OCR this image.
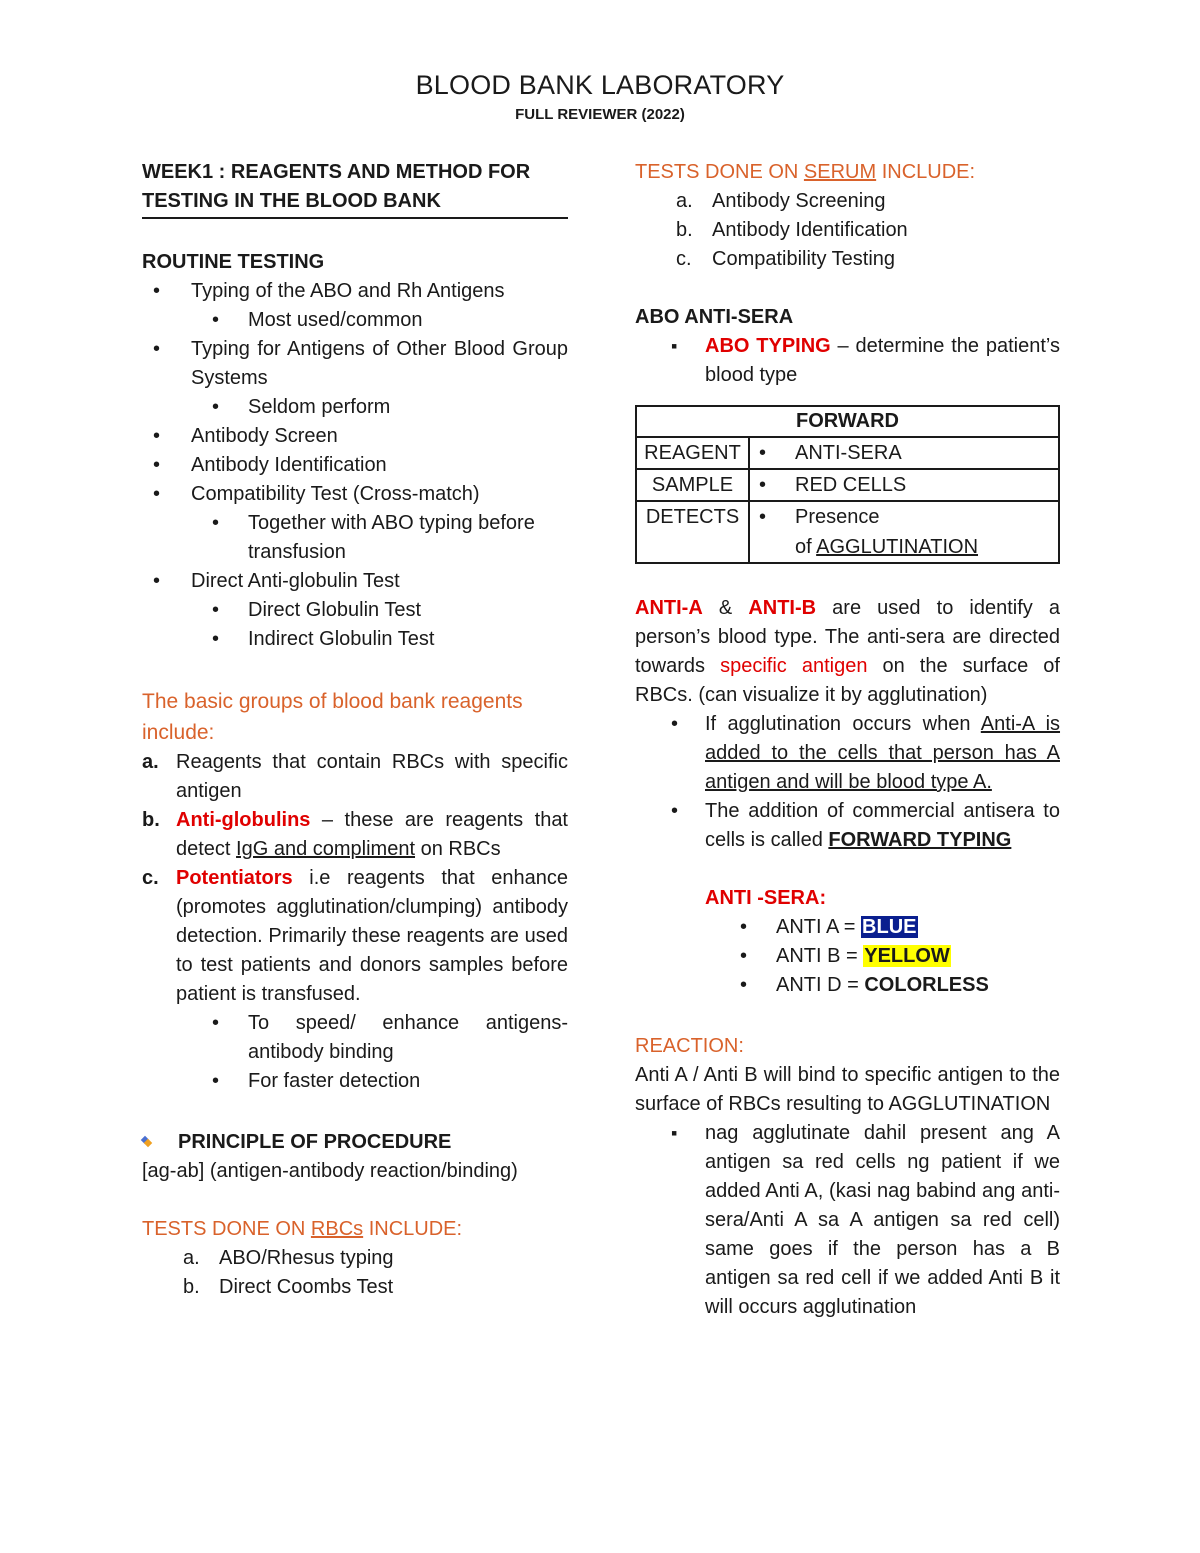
BLOOD BANK LABORATORY
FULL REVIEWER (2022)
WEEK1 : REAGENTS AND METHOD FOR
TESTING IN THE BLOOD BANK
ROUTINE TESTING
• Typing of the ABO and Rh Antigens
• Most used/common
• Typing for Antigens of Other Blood Group Systems
• Seldom perform
• Antibody Screen
• Antibody Identification
• Compatibility Test (Cross-match)
• Together with ABO typing before transfusion
• Direct Anti-globulin Test
• Direct Globulin Test
• Indirect Globulin Test
The basic groups of blood bank reagents include:
a. Reagents that contain RBCs with specific antigen
b. Anti-globulins – these are reagents that detect IgG and compliment on RBCs
c. Potentiators i.e reagents that enhance (promotes agglutination/clumping) antibody detection. Primarily these reagents are used to test patients and donors samples before patient is transfused.
• To speed/ enhance antigens-antibody binding
• For faster detection
PRINCIPLE OF PROCEDURE
[ag-ab] (antigen-antibody reaction/binding)
TESTS DONE ON RBCs INCLUDE:
a. ABO/Rhesus typing
b. Direct Coombs Test
TESTS DONE ON SERUM INCLUDE:
a. Antibody Screening
b. Antibody Identification
c. Compatibility Testing
ABO ANTI-SERA
▪ ABO TYPING – determine the patient’s blood type
FORWARD	
REAGENT	• ANTI-SERA
SAMPLE	• RED CELLS
DETECTS	• Presence
of AGGLUTINATION
ANTI-A & ANTI-B are used to identify a person’s blood type. The anti-sera are directed towards specific antigen on the surface of RBCs. (can visualize it by agglutination)
• If agglutination occurs when Anti-A is added to the cells that person has A antigen and will be blood type A.
• The addition of commercial antisera to cells is called FORWARD TYPING
ANTI -SERA:
• ANTI A = BLUE
• ANTI B = YELLOW
• ANTI D = COLORLESS
REACTION:
Anti A / Anti B will bind to specific antigen to the surface of RBCs resulting to AGGLUTINATION
▪ nag agglutinate dahil present ang A antigen sa red cells ng patient if we added Anti A, (kasi nag babind ang anti-sera/Anti A sa A antigen sa red cell) same goes if the person has a B antigen sa red cell if we added Anti B it will occurs agglutination
